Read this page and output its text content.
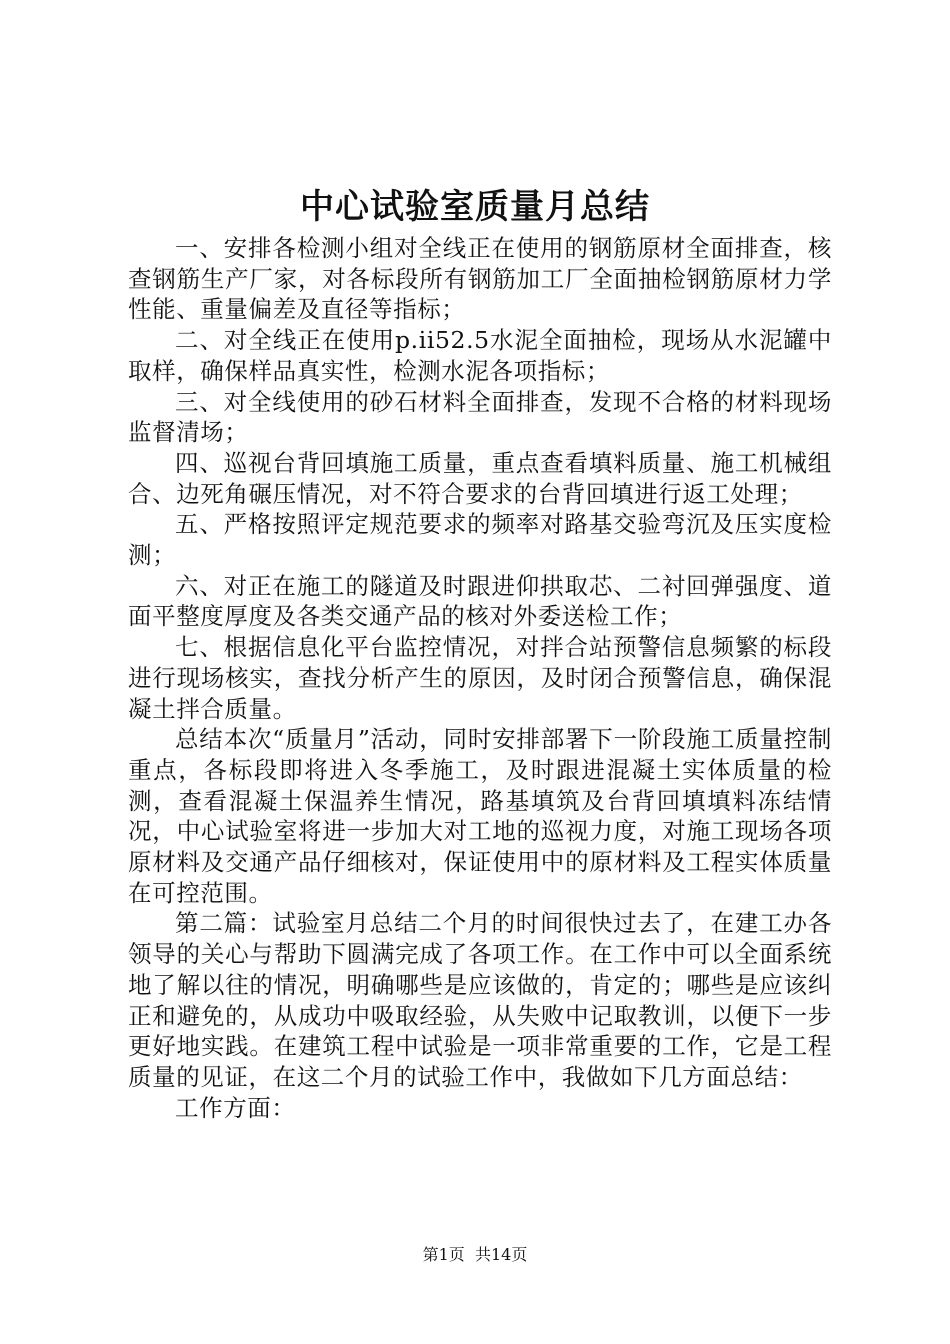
中心试验室质量月总结

一、安排各检测小组对全线正在使用的钢筋原材全面排查，核查钢筋生产厂家，对各标段所有钢筋加工厂全面抽检钢筋原材力学性能、重量偏差及直径等指标；

二、对全线正在使用p.ii52.5水泥全面抽检，现场从水泥罐中取样，确保样品真实性，检测水泥各项指标；

三、对全线使用的砂石材料全面排查，发现不合格的材料现场监督清场；

四、巡视台背回填施工质量，重点查看填料质量、施工机械组合、边死角碾压情况，对不符合要求的台背回填进行返工处理；

五、严格按照评定规范要求的频率对路基交验弯沉及压实度检测；

六、对正在施工的隧道及时跟进仰拱取芯、二衬回弹强度、道面平整度厚度及各类交通产品的核对外委送检工作；

七、根据信息化平台监控情况，对拌合站预警信息频繁的标段进行现场核实，查找分析产生的原因，及时闭合预警信息，确保混凝土拌合质量。

总结本次“质量月”活动，同时安排部署下一阶段施工质量控制重点，各标段即将进入冬季施工，及时跟进混凝土实体质量的检测，查看混凝土保温养生情况，路基填筑及台背回填填料冻结情况，中心试验室将进一步加大对工地的巡视力度，对施工现场各项原材料及交通产品仔细核对，保证使用中的原材料及工程实体质量在可控范围。

第二篇：试验室月总结二个月的时间很快过去了，在建工办各领导的关心与帮助下圆满完成了各项工作。在工作中可以全面系统地了解以往的情况，明确哪些是应该做的，肯定的；哪些是应该纠正和避免的，从成功中吸取经验，从失败中记取教训，以便下一步更好地实践。在建筑工程中试验是一项非常重要的工作，它是工程质量的见证，在这二个月的试验工作中，我做如下几方面总结：

工作方面：

第1页 共14页
